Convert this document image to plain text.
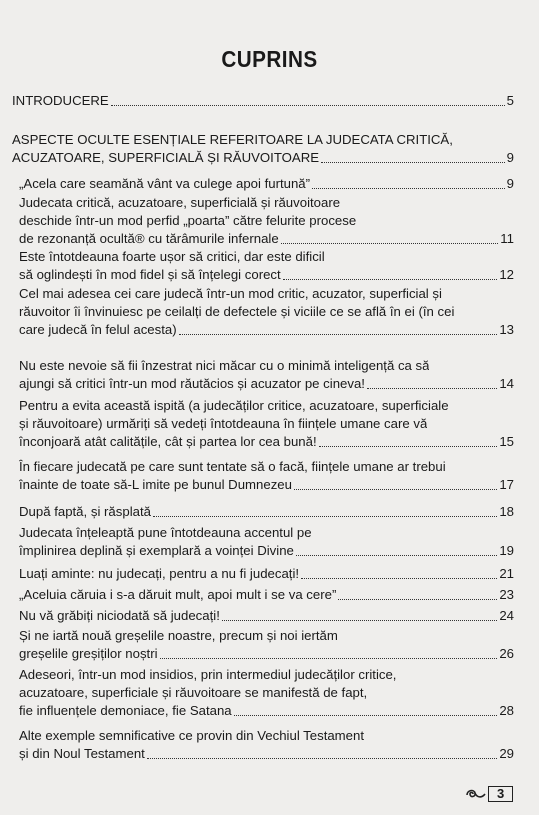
CUPRINS
INTRODUCERE	5
ASPECTE OCULTE ESENȚIALE REFERITOARE LA JUDECATA CRITICĂ,
ACUZATOARE, SUPERFICIALĂ ȘI RĂUVOITOARE	9
„Acela care seamănă vânt va culege apoi furtună”	9
Judecata critică, acuzatoare, superficială și răuvoitoare
deschide într-un mod perfid „poarta” către felurite procese
de rezonanță ocultă® cu tărâmurile infernale	11
Este întotdeauna foarte ușor să critici, dar este dificil
să oglindești în mod fidel și să înțelegi corect	12
Cel mai adesea cei care judecă într-un mod critic, acuzator, superficial și
răuvoitor îi învinuiesc pe ceilalți de defectele și viciile ce se află în ei (în cei
care judecă în felul acesta)	13
Nu este nevoie să fii înzestrat nici măcar cu o minimă inteligență ca să
ajungi să critici într-un mod răutăcios și acuzator pe cineva!	14
Pentru a evita această ispită (a judecăților critice, acuzatoare, superficiale
și răuvoitoare) urmăriți să vedeți întotdeauna în ființele umane care vă
înconjoară atât calitățile, cât și partea lor cea bună!	15
În fiecare judecată pe care sunt tentate să o facă, ființele umane ar trebui
înainte de toate să-L imite pe bunul Dumnezeu	17
După faptă, și răsplată	18
Judecata înțeleaptă pune întotdeauna accentul pe
împlinirea deplină și exemplară a voinței Divine	19
Luați aminte: nu judecați, pentru a nu fi judecați!	21
„Aceluia căruia i s-a dăruit mult, apoi mult i se va cere”	23
Nu vă grăbiți niciodată să judecați!	24
Și ne iartă nouă greșelile noastre, precum și noi iertăm
greșelile greșiților noștri	26
Adeseori, într-un mod insidios, prin intermediul judecăților critice,
acuzatoare, superficiale și răuvoitoare se manifestă de fapt,
fie influențele demoniace, fie Satana	28
Alte exemple semnificative ce provin din Vechiul Testament
și din Noul Testament	29
3
